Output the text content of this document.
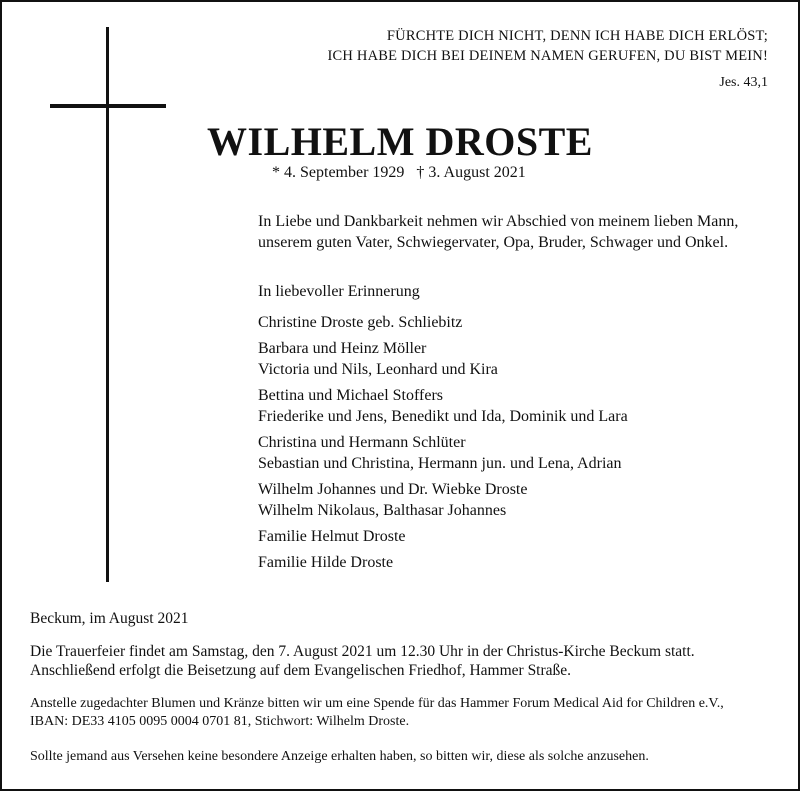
FÜRCHTE DICH NICHT, DENN ICH HABE DICH ERLÖST;
ICH HABE DICH BEI DEINEM NAMEN GERUFEN, DU BIST MEIN!
Jes. 43,1
WILHELM DROSTE
* 4. September 1929   † 3. August 2021
In Liebe und Dankbarkeit nehmen wir Abschied von meinem lieben Mann,
unserem guten Vater, Schwiegervater, Opa, Bruder, Schwager und Onkel.
In liebevoller Erinnerung
Christine Droste geb. Schliebitz
Barbara und Heinz Möller
Victoria und Nils, Leonhard und Kira
Bettina und Michael Stoffers
Friederike und Jens, Benedikt und Ida, Dominik und Lara
Christina und Hermann Schlüter
Sebastian und Christina, Hermann jun. und Lena, Adrian
Wilhelm Johannes und Dr. Wiebke Droste
Wilhelm Nikolaus, Balthasar Johannes
Familie Helmut Droste
Familie Hilde Droste
Beckum, im August 2021
Die Trauerfeier findet am Samstag, den 7. August 2021 um 12.30 Uhr in der Christus-Kirche Beckum statt.
Anschließend erfolgt die Beisetzung auf dem Evangelischen Friedhof, Hammer Straße.
Anstelle zugedachter Blumen und Kränze bitten wir um eine Spende für das Hammer Forum Medical Aid for Children e.V.,
IBAN: DE33 4105 0095 0004 0701 81, Stichwort: Wilhelm Droste.
Sollte jemand aus Versehen keine besondere Anzeige erhalten haben, so bitten wir, diese als solche anzusehen.
